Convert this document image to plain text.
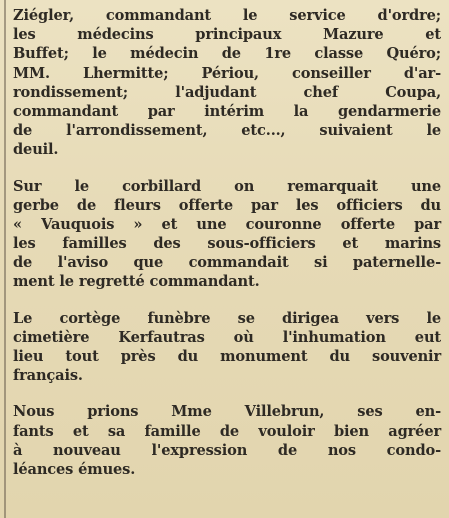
Ziégler, commandant le service d'ordre;
les médecins principaux Mazure et
Buffet; le médecin de 1re classe Quéro;
MM. Lhermitte; Périou, conseiller d'ar-
rondissement; l'adjudant chef Coupa,
commandant par intérim la gendarmerie
de l'arrondissement, etc..., suivaient le
deuil.
Sur le corbillard on remarquait une
gerbe de fleurs offerte par les officiers du
« Vauquois » et une couronne offerte par
les familles des sous-officiers et marins
de l'aviso que commandait si paternelle-
ment le regretté commandant.
Le cortège funèbre se dirigea vers le
cimetière Kerfautras où l'inhumation eut
lieu tout près du monument du souvenir
français.
Nous prions Mme Villebrun, ses en-
fants et sa famille de vouloir bien agréer
à nouveau l'expression de nos condo-
léances émues.
